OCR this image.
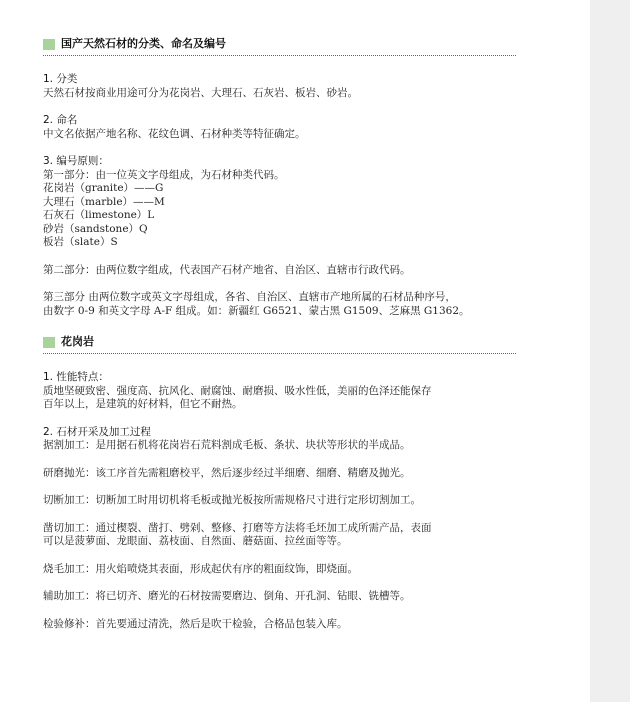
国产天然石材的分类、命名及编号
1. 分类

天然石材按商业用途可分为花岗岩、大理石、石灰岩、板岩、砂岩。

2. 命名

中文名依据产地名称、花纹色调、石材种类等特征确定。

3. 编号原则：

第一部分：由一位英文字母组成，为石材种类代码。

花岗岩（granite）——G

大理石（marble）——M

石灰石（limestone）L

砂岩（sandstone）Q

板岩（slate）S

第二部分：由两位数字组成，代表国产石材产地省、自治区、直辖市行政代码。

第三部分 由两位数字或英文字母组成，各省、自治区、直辖市产地所属的石材品种序号，

由数字 0-9 和英文字母 A-F 组成。如：新疆红 G6521、蒙古黑 G1509、芝麻黑 G1362。

花岗岩
1. 性能特点：

质地坚硬致密、强度高、抗风化、耐腐蚀、耐磨损、吸水性低，美丽的色泽还能保存

百年以上，是建筑的好材料，但它不耐热。

2. 石材开采及加工过程

据割加工：是用据石机将花岗岩石荒料割成毛板、条状、块状等形状的半成品。

研磨抛光：该工序首先需粗磨校平，然后逐步经过半细磨、细磨、精磨及抛光。

切断加工：切断加工时用切机将毛板或抛光板按所需规格尺寸进行定形切割加工。

凿切加工：通过楔裂、凿打、劈剁、整修、打磨等方法将毛坯加工成所需产品，表面

可以是菠萝面、龙眼面、荔枝面、自然面、蘑菇面、拉丝面等等。

烧毛加工：用火焰喷烧其表面，形成起伏有序的粗面纹饰，即烧面。

辅助加工：将已切齐、磨光的石材按需要磨边、倒角、开孔洞、钻眼、铣槽等。

检验修补：首先要通过清洗，然后是吹干检验，合格品包装入库。
